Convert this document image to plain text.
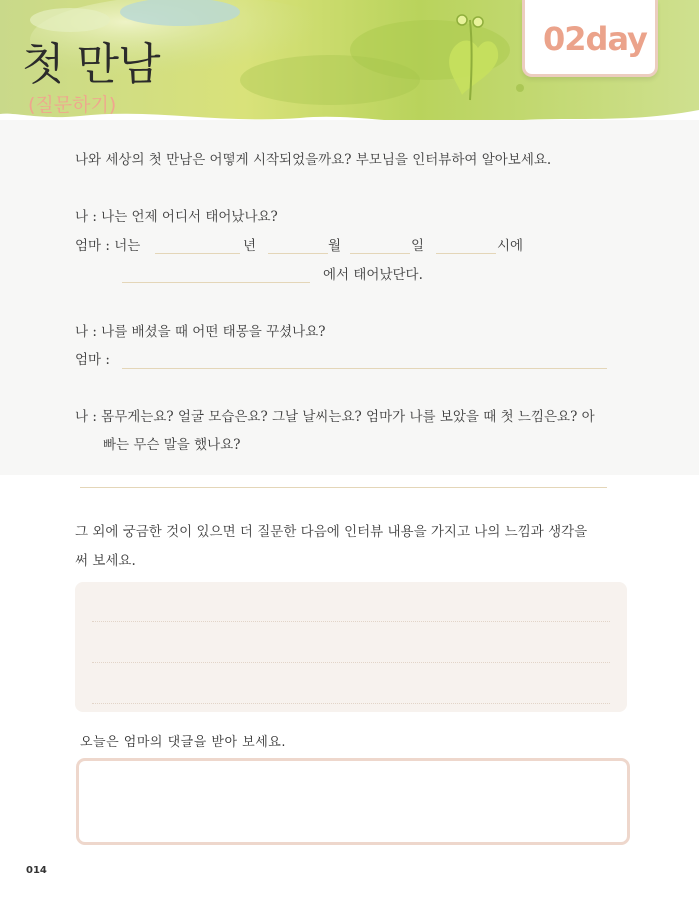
첫 만남
(질문하기)
02day
나와 세상의 첫 만남은 어떻게 시작되었을까요? 부모님을 인터뷰하여 알아보세요.
나 : 나는 언제 어디서 태어났나요?
엄마 : 너는	년	월	일	시에
에서 태어났단다.
나 : 나를 배셨을 때 어떤 태몽을 꾸셨나요?
엄마 :
나 : 몸무게는요? 얼굴 모습은요? 그날 날씨는요? 엄마가 나를 보았을 때 첫 느낌은요? 아
빠는 무슨 말을 했나요?
그 외에 궁금한 것이 있으면 더 질문한 다음에 인터뷰 내용을 가지고 나의 느낌과 생각을
써 보세요.
오늘은 엄마의 댓글을 받아 보세요.
014
